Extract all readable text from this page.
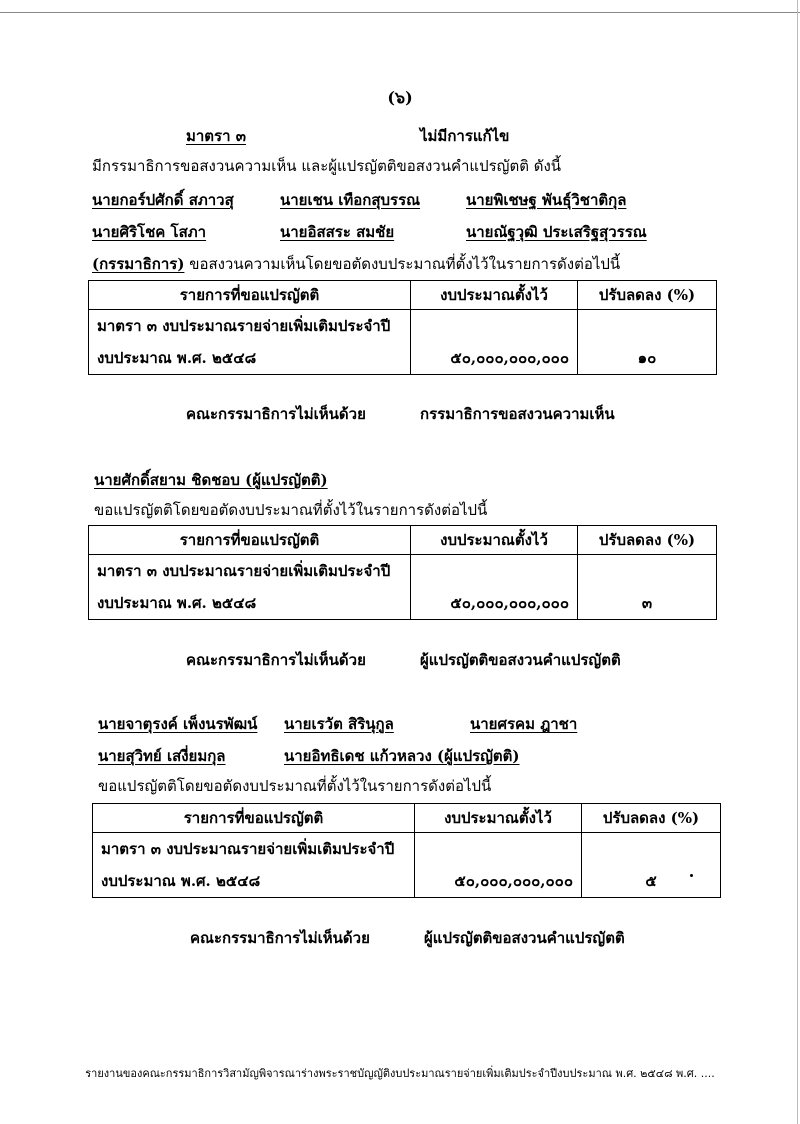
(๖)
มาตรา ๓	ไม่มีการแก้ไข
มีกรรมาธิการขอสงวนความเห็น และผู้แปรญัตติขอสงวนคำแปรญัตติ ดังนี้
นายกอร์ปศักดิ์ สภาวสุ	นายเชน เทือกสุบรรณ	นายพิเชษฐ พันธุ์วิชาติกุล
นายศิริโชค โสภา	นายอิสสระ สมชัย	นายณัฐวุฒิ ประเสริฐสุวรรณ
(กรรมาธิการ) ขอสงวนความเห็นโดยขอตัดงบประมาณที่ตั้งไว้ในรายการดังต่อไปนี้
รายการที่ขอแปรญัตติ	งบประมาณตั้งไว้	ปรับลดลง (%)
มาตรา ๓ งบประมาณรายจ่ายเพิ่มเติมประจำปี		
งบประมาณ พ.ศ. ๒๕๔๘	๕๐,๐๐๐,๐๐๐,๐๐๐	๑๐
คณะกรรมาธิการไม่เห็นด้วย	กรรมาธิการขอสงวนความเห็น
นายศักดิ์สยาม ชิดชอบ (ผู้แปรญัตติ)
ขอแปรญัตติโดยขอตัดงบประมาณที่ตั้งไว้ในรายการดังต่อไปนี้
รายการที่ขอแปรญัตติ	งบประมาณตั้งไว้	ปรับลดลง (%)
มาตรา ๓ งบประมาณรายจ่ายเพิ่มเติมประจำปี		
งบประมาณ พ.ศ. ๒๕๔๘	๕๐,๐๐๐,๐๐๐,๐๐๐	๓
คณะกรรมาธิการไม่เห็นด้วย	ผู้แปรญัตติขอสงวนคำแปรญัตติ
นายจาตุรงค์ เพ็งนรพัฒน์ นายเรวัต สิรินุกูล	นายศรคม ฎาชา
นายสุวิทย์ เสงี่ยมกุล	นายอิทธิเดช แก้วหลวง (ผู้แปรญัตติ)
ขอแปรญัตติโดยขอตัดงบประมาณที่ตั้งไว้ในรายการดังต่อไปนี้
รายการที่ขอแปรญัตติ	งบประมาณตั้งไว้	ปรับลดลง (%)
มาตรา ๓ งบประมาณรายจ่ายเพิ่มเติมประจำปี		
งบประมาณ พ.ศ. ๒๕๔๘	๕๐,๐๐๐,๐๐๐,๐๐๐	๕
คณะกรรมาธิการไม่เห็นด้วย	ผู้แปรญัตติขอสงวนคำแปรญัตติ
รายงานของคณะกรรมาธิการวิสามัญพิจารณาร่างพระราชบัญญัติงบประมาณรายจ่ายเพิ่มเติมประจำปีงบประมาณ พ.ศ. ๒๕๔๘ พ.ศ. ....
